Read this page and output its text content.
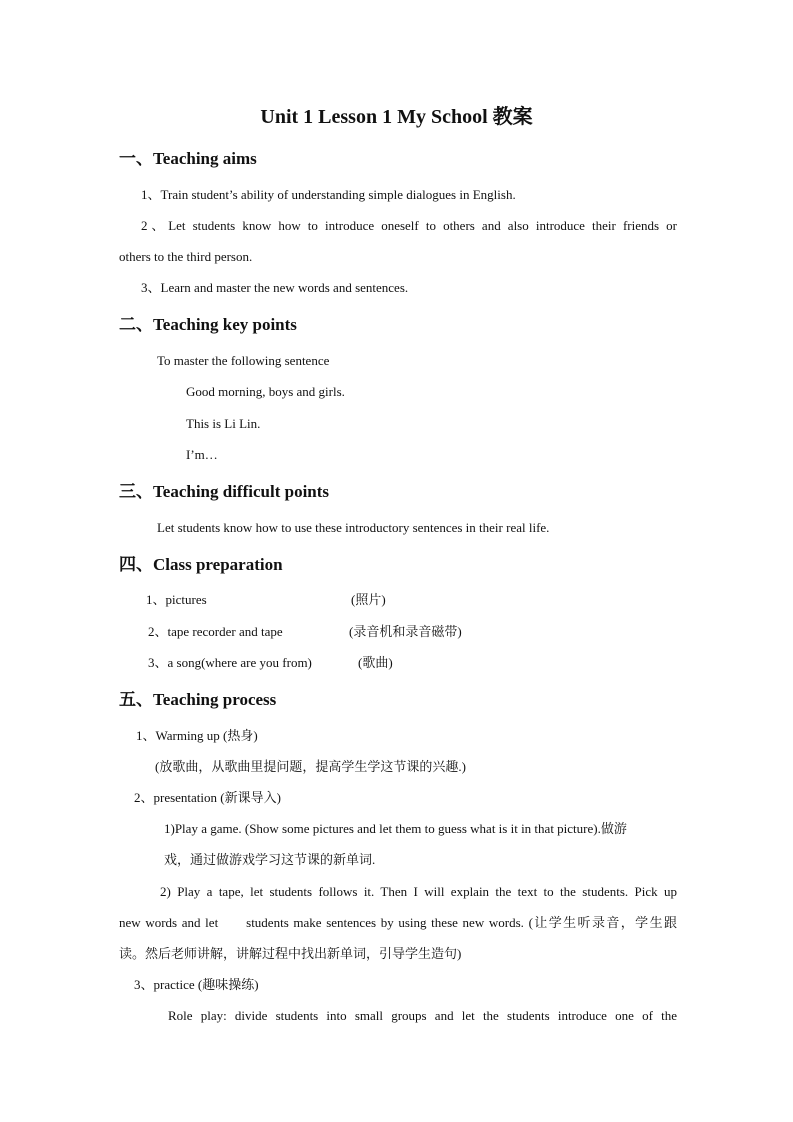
Unit 1 Lesson 1 My School 教案
一、Teaching aims
1、Train student’s ability of understanding simple dialogues in English.
2、Let students know how to introduce oneself to others and also introduce their friends or
others to the third person.
3、Learn and master the new words and sentences.
二、Teaching key points
To master the following sentence
Good morning, boys and girls.
This is Li Lin.
I’m…
三、Teaching difficult points
Let students know how to use these introductory sentences in their real life.
四、Class preparation
1、pictures	(照片)
2、tape recorder and tape	(录音机和录音磁带)
3、a song(where are you from)	(歌曲)
五、Teaching process
1、Warming up (热身)
(放歌曲，从歌曲里提问题，提高学生学这节课的兴趣.)
2、presentation (新课导入)
1)Play a game. (Show some pictures and let them to guess what is it in that picture).做游
戏，通过做游戏学习这节课的新单词.
2) Play a tape, let students follows it. Then I will explain the text to the students. Pick up
new words and let      students make sentences by using these new words. (让学生听录音，学生跟
读。然后老师讲解，讲解过程中找出新单词，引导学生造句)
3、practice (趣味操练)
Role play: divide students into small groups and let the students introduce one of the
